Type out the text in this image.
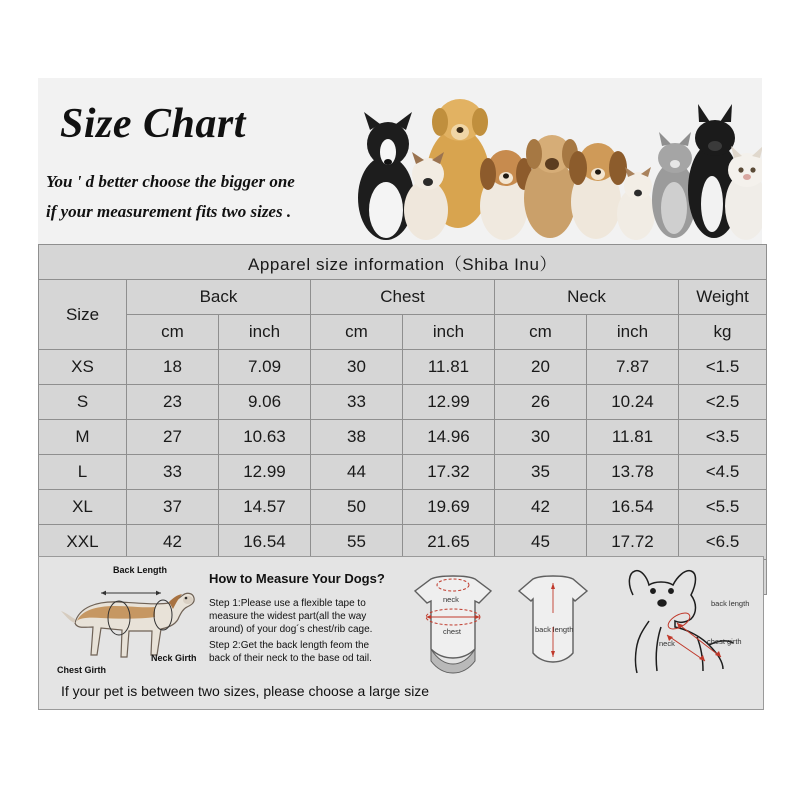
Size Chart
You ' d better choose the bigger one
if your measurement fits two sizes .
Apparel size information（Shiba Inu）							
Size	Back		Chest		Neck		Weight
	cm	inch	cm	inch	cm	inch	kg
XS	18	7.09	30	11.81	20	7.87	<1.5
S	23	9.06	33	12.99	26	10.24	<2.5
M	27	10.63	38	14.96	30	11.81	<3.5
L	33	12.99	44	17.32	35	13.78	<4.5
XL	37	14.57	50	19.69	42	16.54	<5.5
XXL	42	16.54	55	21.65	45	17.72	<6.5

Back Length
Neck Girth
Chest Girth
How to Measure Your Dogs?
Step 1:Please use a flexible tape to measure the widest part(all the way around) of your dog´s chest/rib cage.
Step 2:Get the back length feom the back of their neck to the base od tail.
neck
chest	back length
back length
neck	chest girth
If your pet is between two sizes, please choose a large size
